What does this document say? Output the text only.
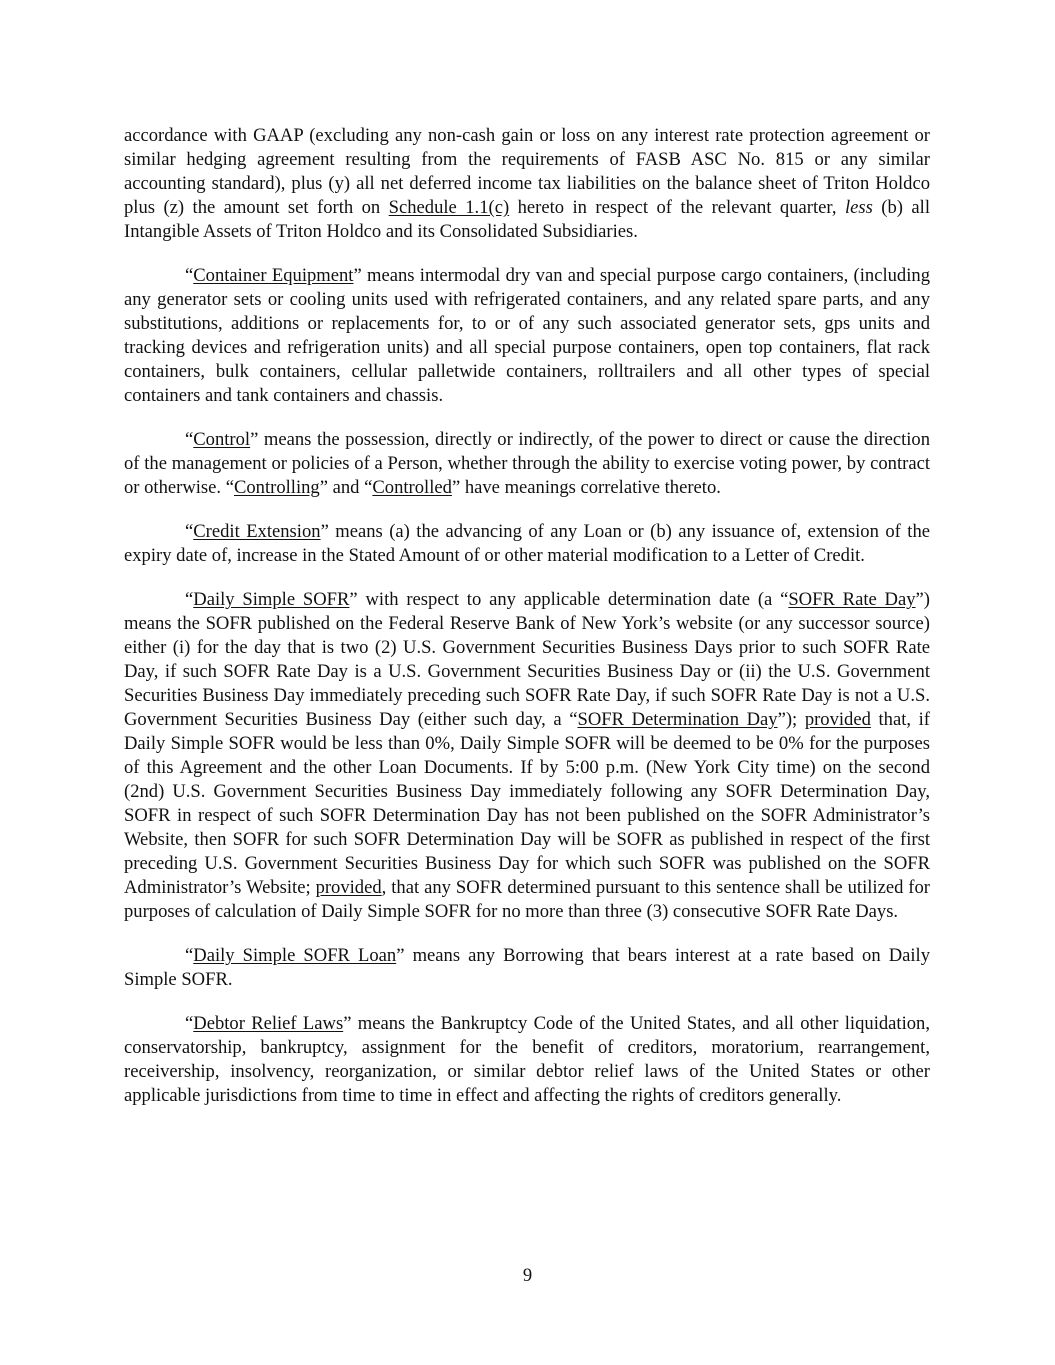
accordance with GAAP (excluding any non-cash gain or loss on any interest rate protection agreement or similar hedging agreement resulting from the requirements of FASB ASC No. 815 or any similar accounting standard), plus (y) all net deferred income tax liabilities on the balance sheet of Triton Holdco plus (z) the amount set forth on Schedule 1.1(c) hereto in respect of the relevant quarter, less (b) all Intangible Assets of Triton Holdco and its Consolidated Subsidiaries.

“Container Equipment” means intermodal dry van and special purpose cargo containers, (including any generator sets or cooling units used with refrigerated containers, and any related spare parts, and any substitutions, additions or replacements for, to or of any such associated generator sets, gps units and tracking devices and refrigeration units) and all special purpose containers, open top containers, flat rack containers, bulk containers, cellular palletwide containers, rolltrailers and all other types of special containers and tank containers and chassis.

“Control” means the possession, directly or indirectly, of the power to direct or cause the direction of the management or policies of a Person, whether through the ability to exercise voting power, by contract or otherwise. “Controlling” and “Controlled” have meanings correlative thereto.

“Credit Extension” means (a) the advancing of any Loan or (b) any issuance of, extension of the expiry date of, increase in the Stated Amount of or other material modification to a Letter of Credit.

“Daily Simple SOFR” with respect to any applicable determination date (a “SOFR Rate Day”) means the SOFR published on the Federal Reserve Bank of New York’s website (or any successor source) either (i) for the day that is two (2) U.S. Government Securities Business Days prior to such SOFR Rate Day, if such SOFR Rate Day is a U.S. Government Securities Business Day or (ii) the U.S. Government Securities Business Day immediately preceding such SOFR Rate Day, if such SOFR Rate Day is not a U.S. Government Securities Business Day (either such day, a “SOFR Determination Day”); provided that, if Daily Simple SOFR would be less than 0%, Daily Simple SOFR will be deemed to be 0% for the purposes of this Agreement and the other Loan Documents. If by 5:00 p.m. (New York City time) on the second (2nd) U.S. Government Securities Business Day immediately following any SOFR Determination Day, SOFR in respect of such SOFR Determination Day has not been published on the SOFR Administrator’s Website, then SOFR for such SOFR Determination Day will be SOFR as published in respect of the first preceding U.S. Government Securities Business Day for which such SOFR was published on the SOFR Administrator’s Website; provided, that any SOFR determined pursuant to this sentence shall be utilized for purposes of calculation of Daily Simple SOFR for no more than three (3) consecutive SOFR Rate Days.

“Daily Simple SOFR Loan” means any Borrowing that bears interest at a rate based on Daily Simple SOFR.

“Debtor Relief Laws” means the Bankruptcy Code of the United States, and all other liquidation, conservatorship, bankruptcy, assignment for the benefit of creditors, moratorium, rearrangement, receivership, insolvency, reorganization, or similar debtor relief laws of the United States or other applicable jurisdictions from time to time in effect and affecting the rights of creditors generally.

9
